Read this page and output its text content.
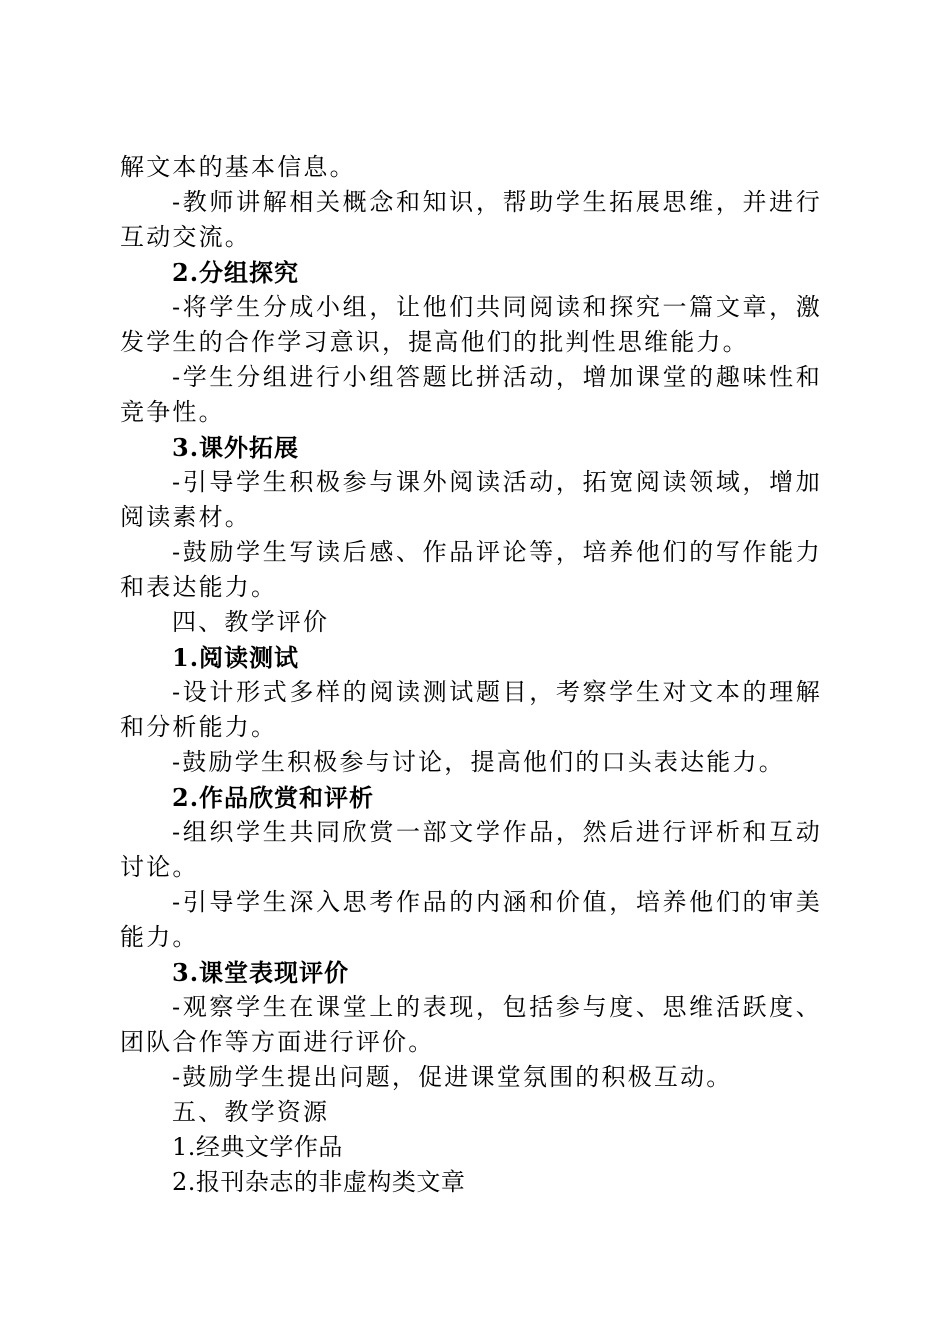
解文本的基本信息。

-教师讲解相关概念和知识，帮助学生拓展思维，并进行互动交流。

2.分组探究

-将学生分成小组，让他们共同阅读和探究一篇文章，激发学生的合作学习意识，提高他们的批判性思维能力。

-学生分组进行小组答题比拼活动，增加课堂的趣味性和竞争性。

3.课外拓展

-引导学生积极参与课外阅读活动，拓宽阅读领域，增加阅读素材。

-鼓励学生写读后感、作品评论等，培养他们的写作能力和表达能力。

四、教学评价

1.阅读测试

-设计形式多样的阅读测试题目，考察学生对文本的理解和分析能力。

-鼓励学生积极参与讨论，提高他们的口头表达能力。

2.作品欣赏和评析

-组织学生共同欣赏一部文学作品，然后进行评析和互动讨论。

-引导学生深入思考作品的内涵和价值，培养他们的审美能力。

3.课堂表现评价

-观察学生在课堂上的表现，包括参与度、思维活跃度、团队合作等方面进行评价。

-鼓励学生提出问题，促进课堂氛围的积极互动。

五、教学资源

1.经典文学作品

2.报刊杂志的非虚构类文章
